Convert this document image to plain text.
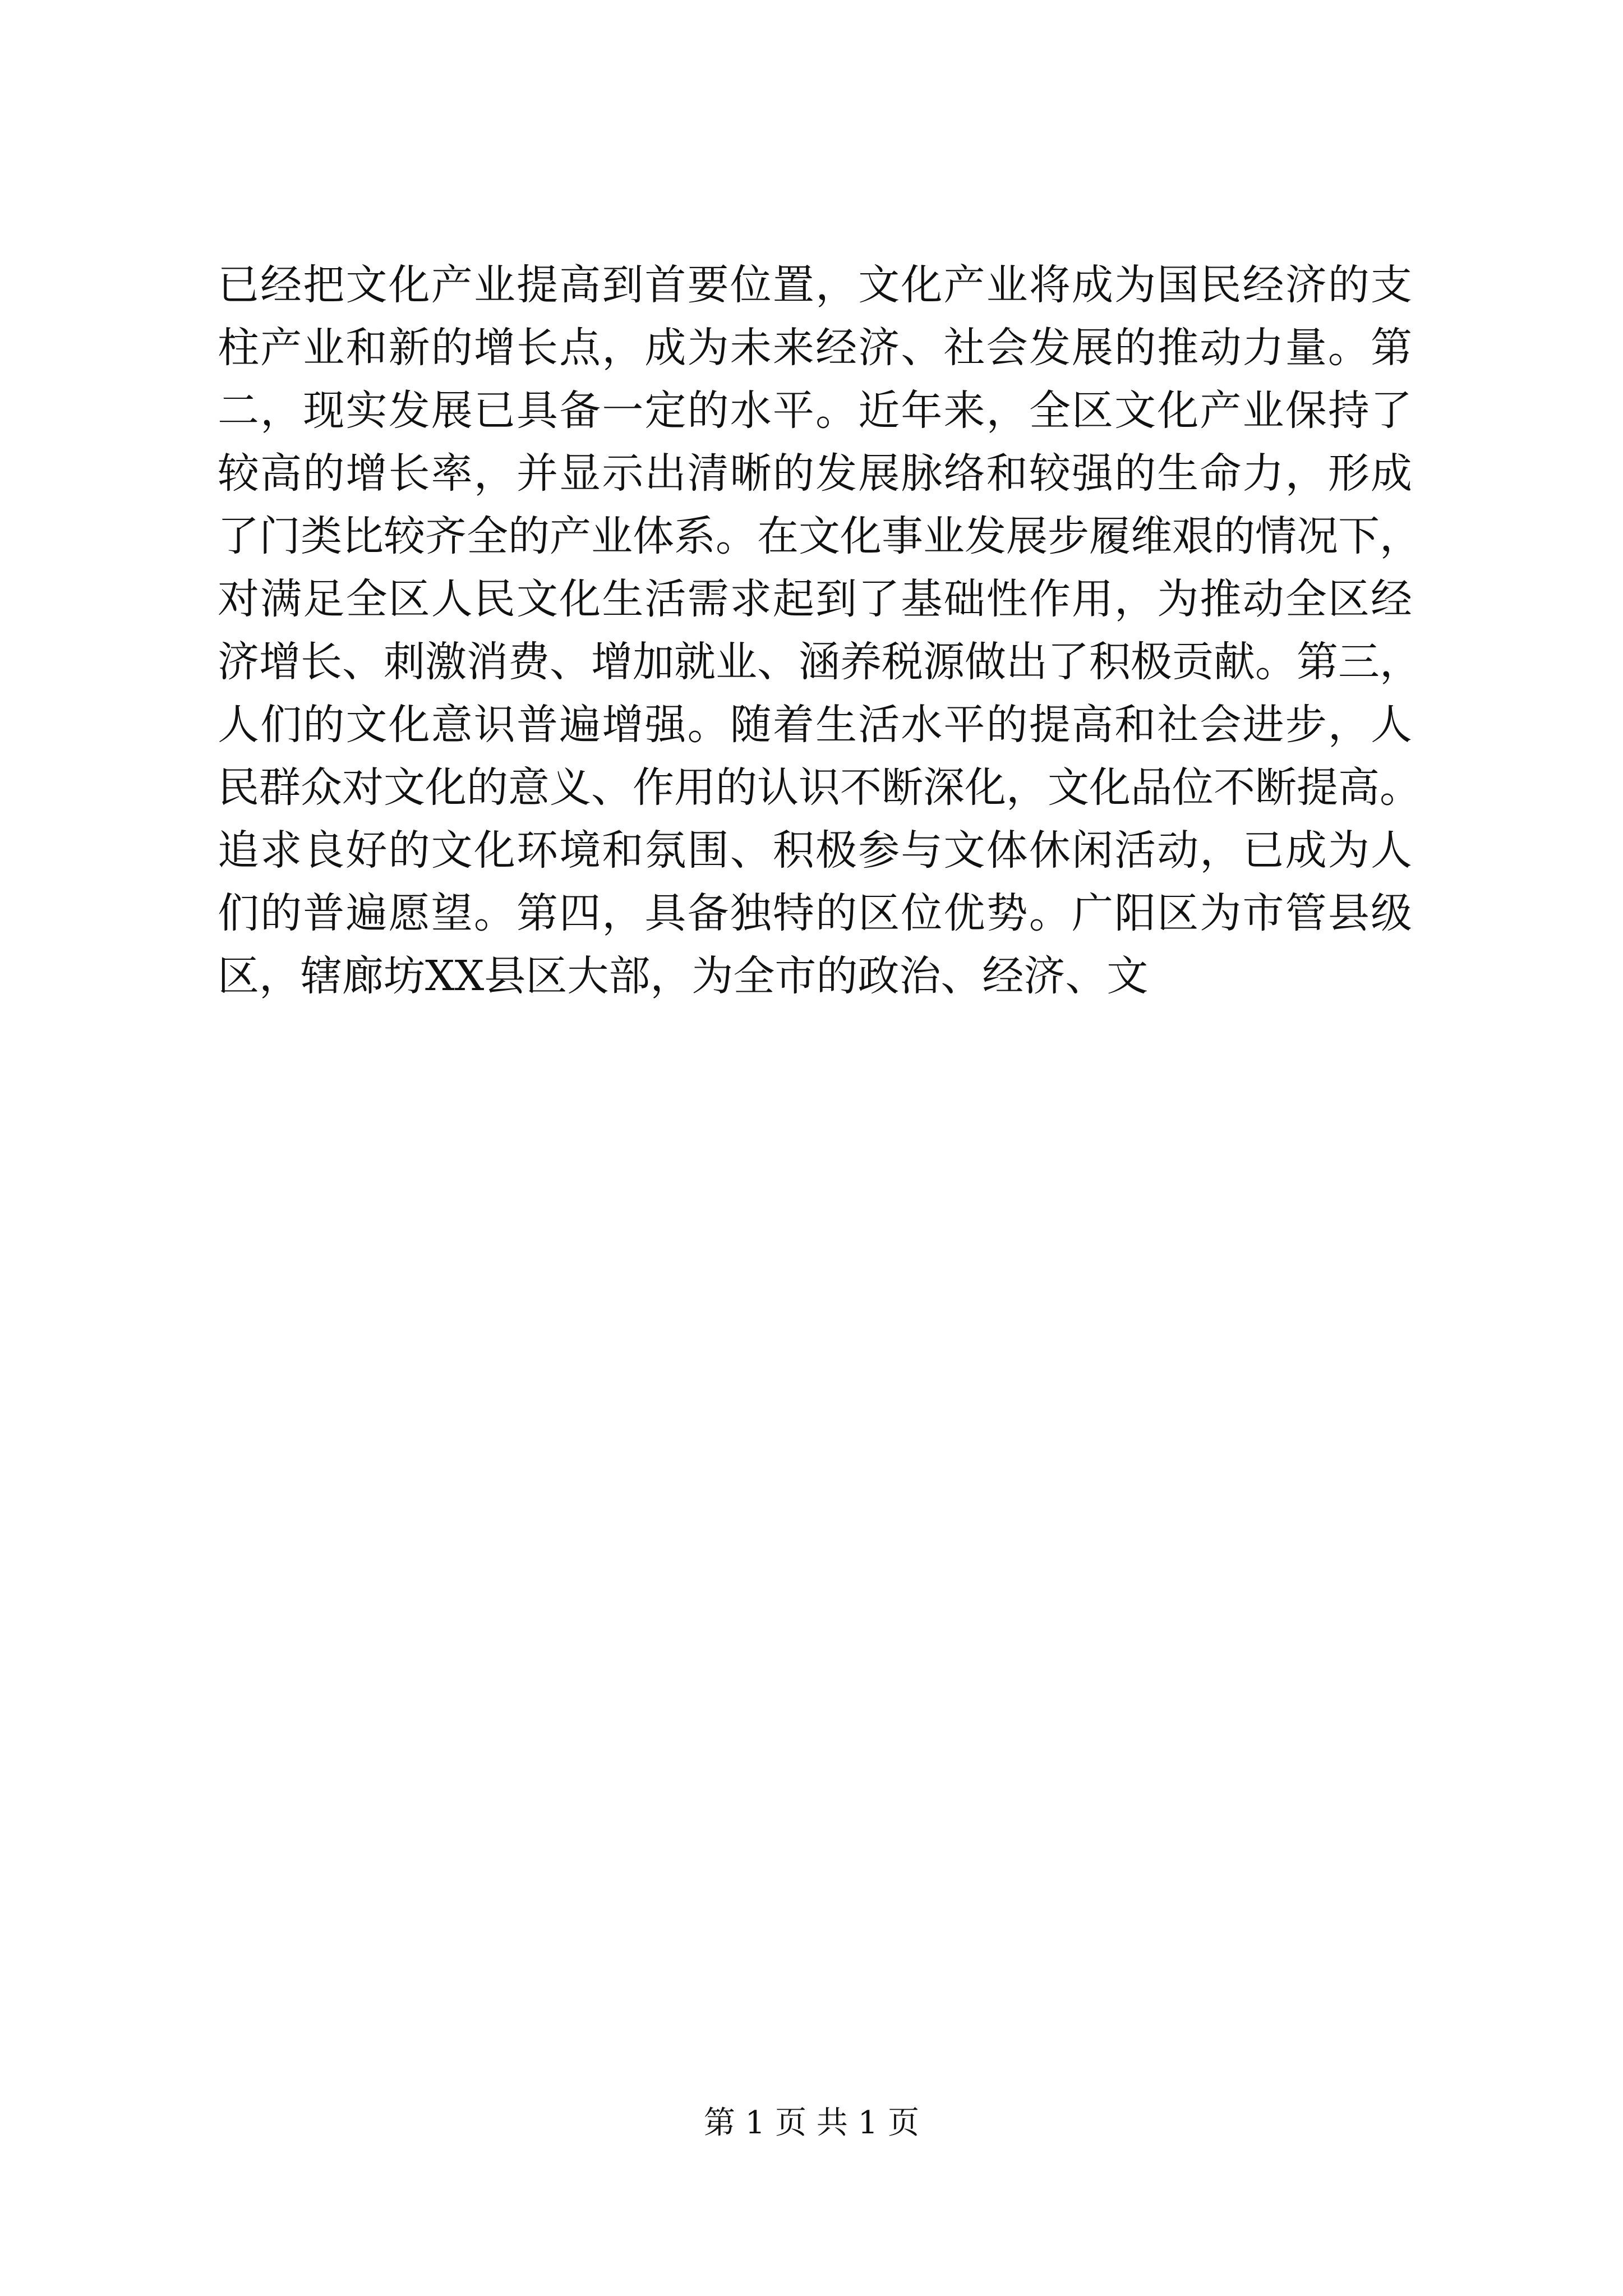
已经把文化产业提高到首要位置，文化产业将成为国民经济的支
柱产业和新的增长点，成为未来经济、社会发展的推动力量。第
二，现实发展已具备一定的水平。近年来，全区文化产业保持了
较高的增长率，并显示出清晰的发展脉络和较强的生命力，形成
了门类比较齐全的产业体系。在文化事业发展步履维艰的情况下，
对满足全区人民文化生活需求起到了基础性作用，为推动全区经
济增长、刺激消费、增加就业、涵养税源做出了积极贡献。第三，
人们的文化意识普遍增强。随着生活水平的提高和社会进步，人
民群众对文化的意义、作用的认识不断深化，文化品位不断提高。
追求良好的文化环境和氛围、积极参与文体休闲活动，已成为人
们的普遍愿望。第四，具备独特的区位优势。广阳区为市管县级
区，辖廊坊XX县区大部，为全市的政治、经济、文
第 1 页 共 1 页
